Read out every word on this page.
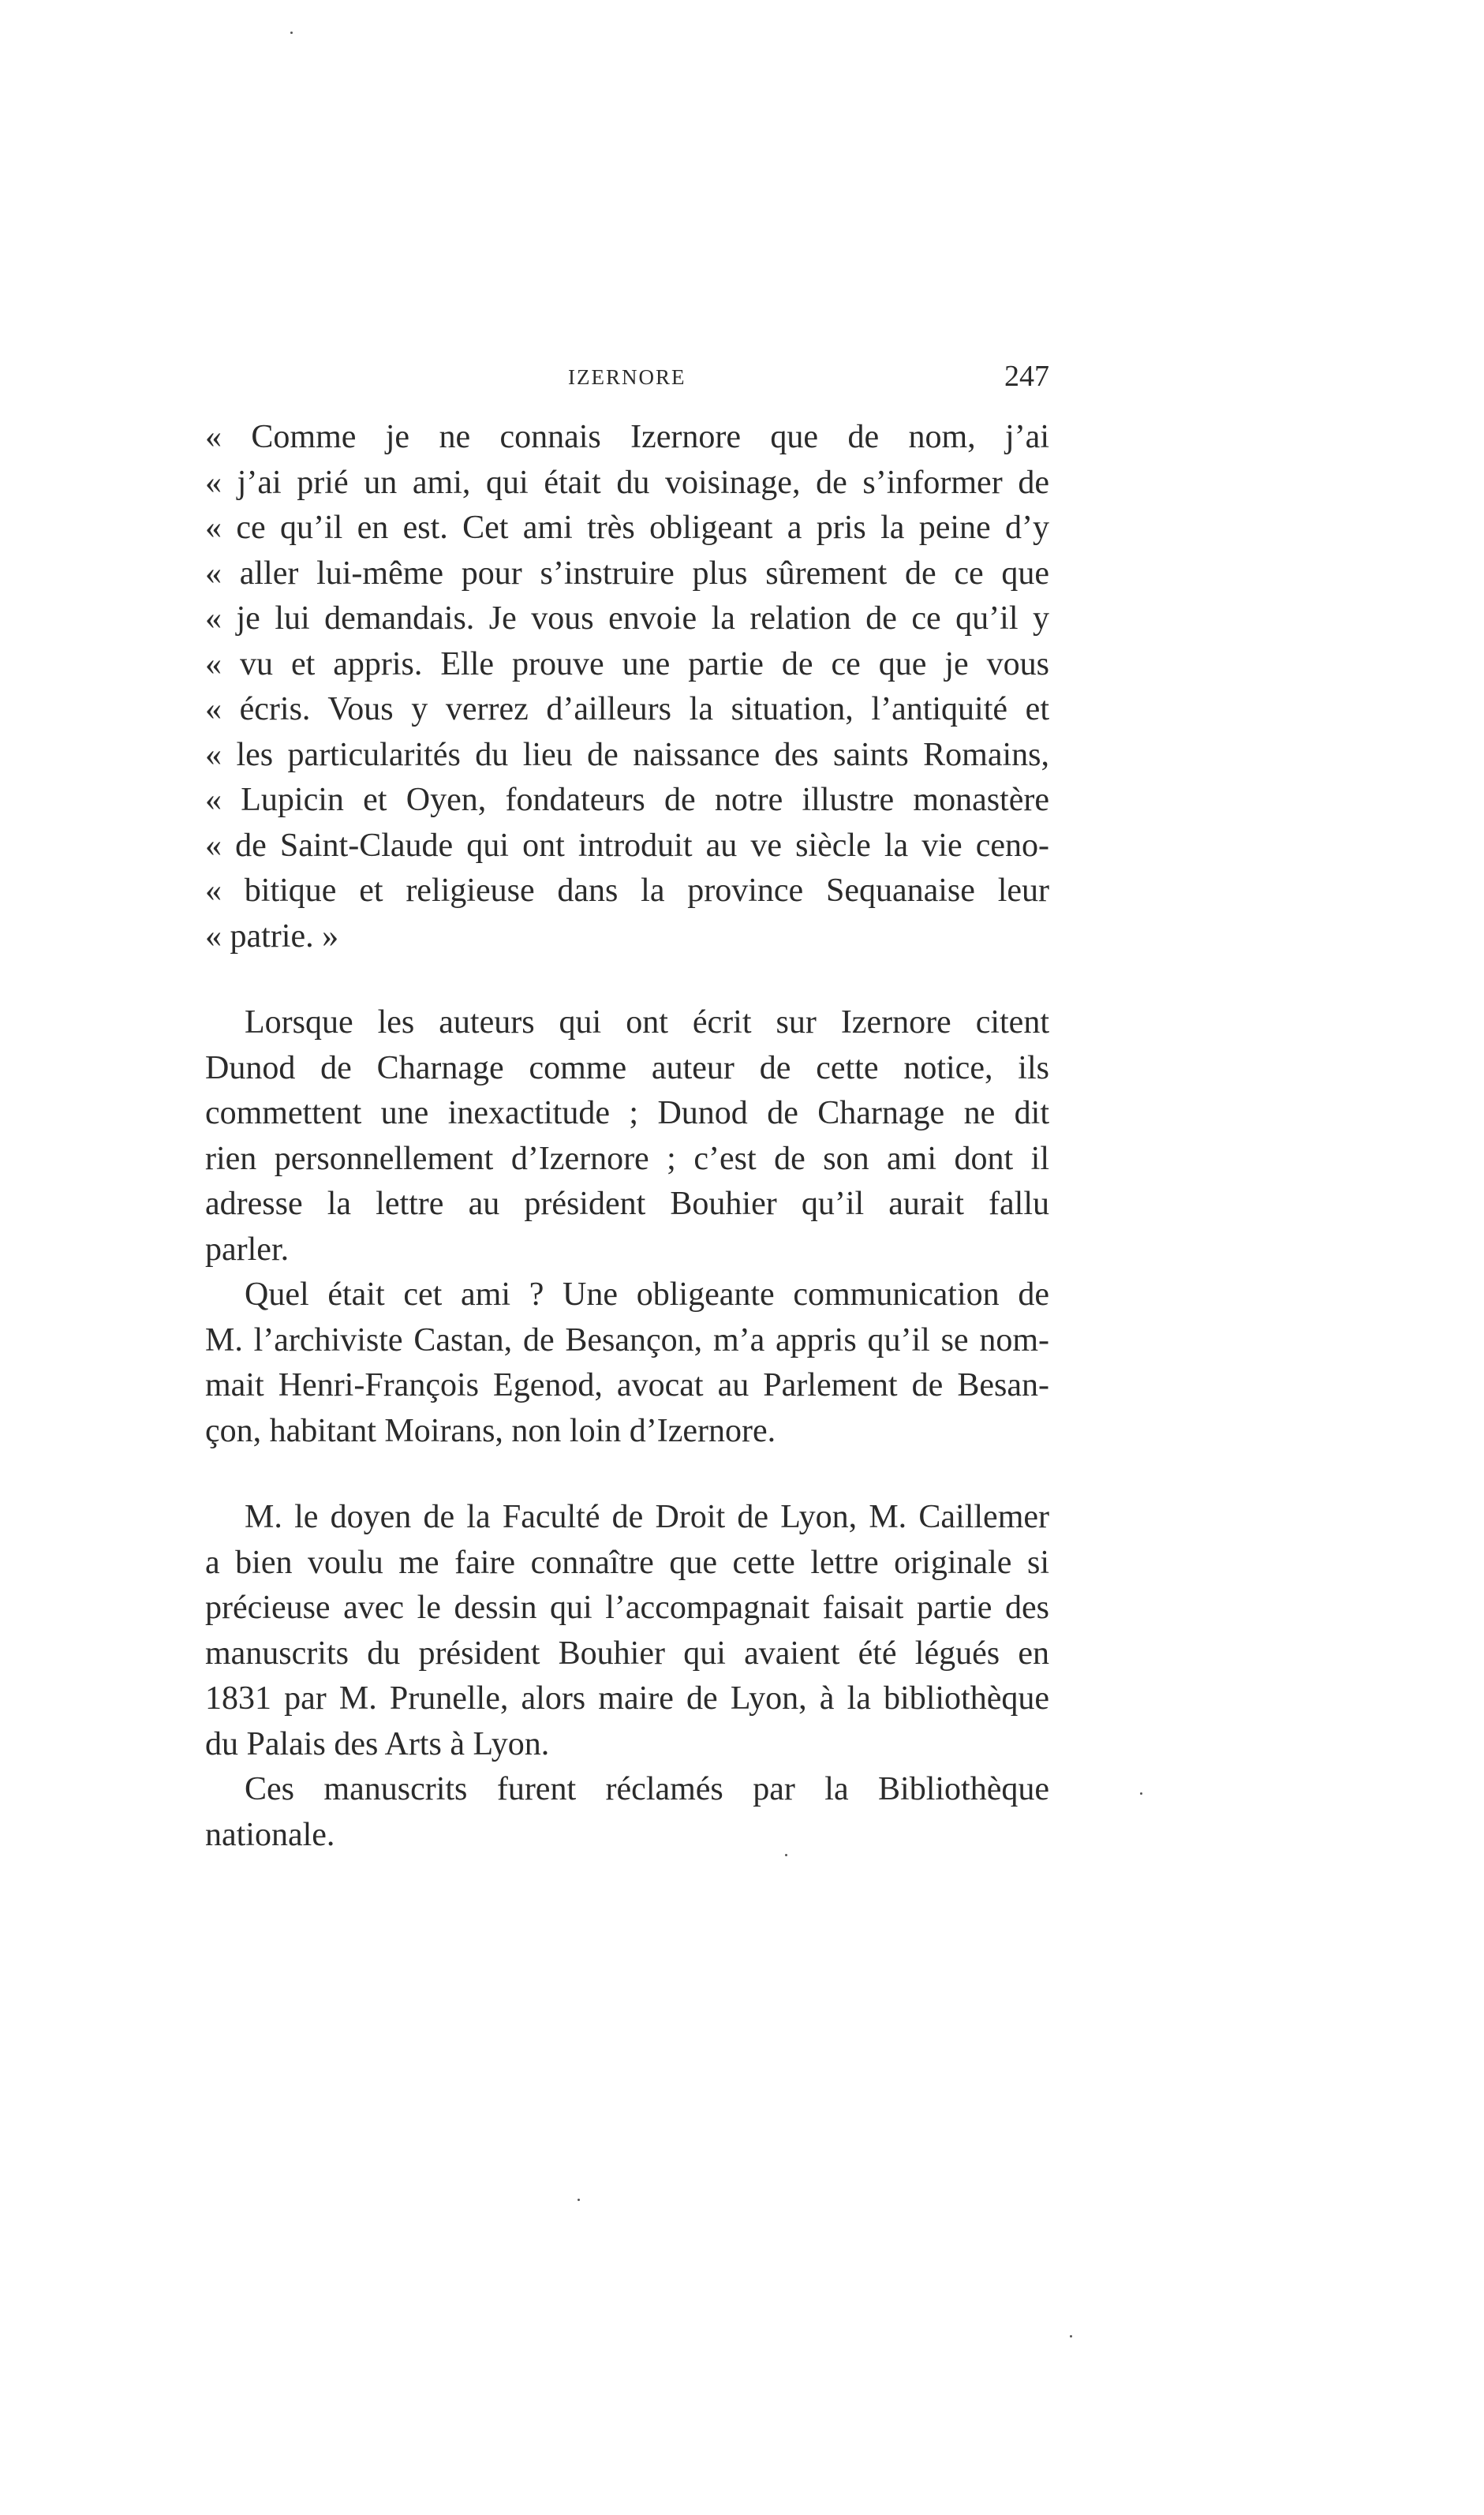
IZERNORE	247
« Comme je ne connais Izernore que de nom, j’ai
« j’ai prié un ami, qui était du voisinage, de s’informer de
« ce qu’il en est. Cet ami très obligeant a pris la peine d’y
« aller lui-même pour s’instruire plus sûrement de ce que
« je lui demandais. Je vous envoie la relation de ce qu’il y
« vu et appris. Elle prouve une partie de ce que je vous
« écris. Vous y verrez d’ailleurs la situation, l’antiquité et
« les particularités du lieu de naissance des saints Romains,
« Lupicin et Oyen, fondateurs de notre illustre monastère
« de Saint-Claude qui ont introduit au ve siècle la vie ceno-
« bitique et religieuse dans la province Sequanaise leur
« patrie. »
Lorsque les auteurs qui ont écrit sur Izernore citent
Dunod de Charnage comme auteur de cette notice, ils
commettent une inexactitude ; Dunod de Charnage ne dit
rien personnellement d’Izernore ; c’est de son ami dont il
adresse la lettre au président Bouhier qu’il aurait fallu
parler.
Quel était cet ami ? Une obligeante communication de
M. l’archiviste Castan, de Besançon, m’a appris qu’il se nom-
mait Henri-François Egenod, avocat au Parlement de Besan-
çon, habitant Moirans, non loin d’Izernore.
M. le doyen de la Faculté de Droit de Lyon, M. Caillemer
a bien voulu me faire connaître que cette lettre originale si
précieuse avec le dessin qui l’accompagnait faisait partie des
manuscrits du président Bouhier qui avaient été légués en
1831 par M. Prunelle, alors maire de Lyon, à la bibliothèque
du Palais des Arts à Lyon.
Ces manuscrits furent réclamés par la Bibliothèque
nationale.
